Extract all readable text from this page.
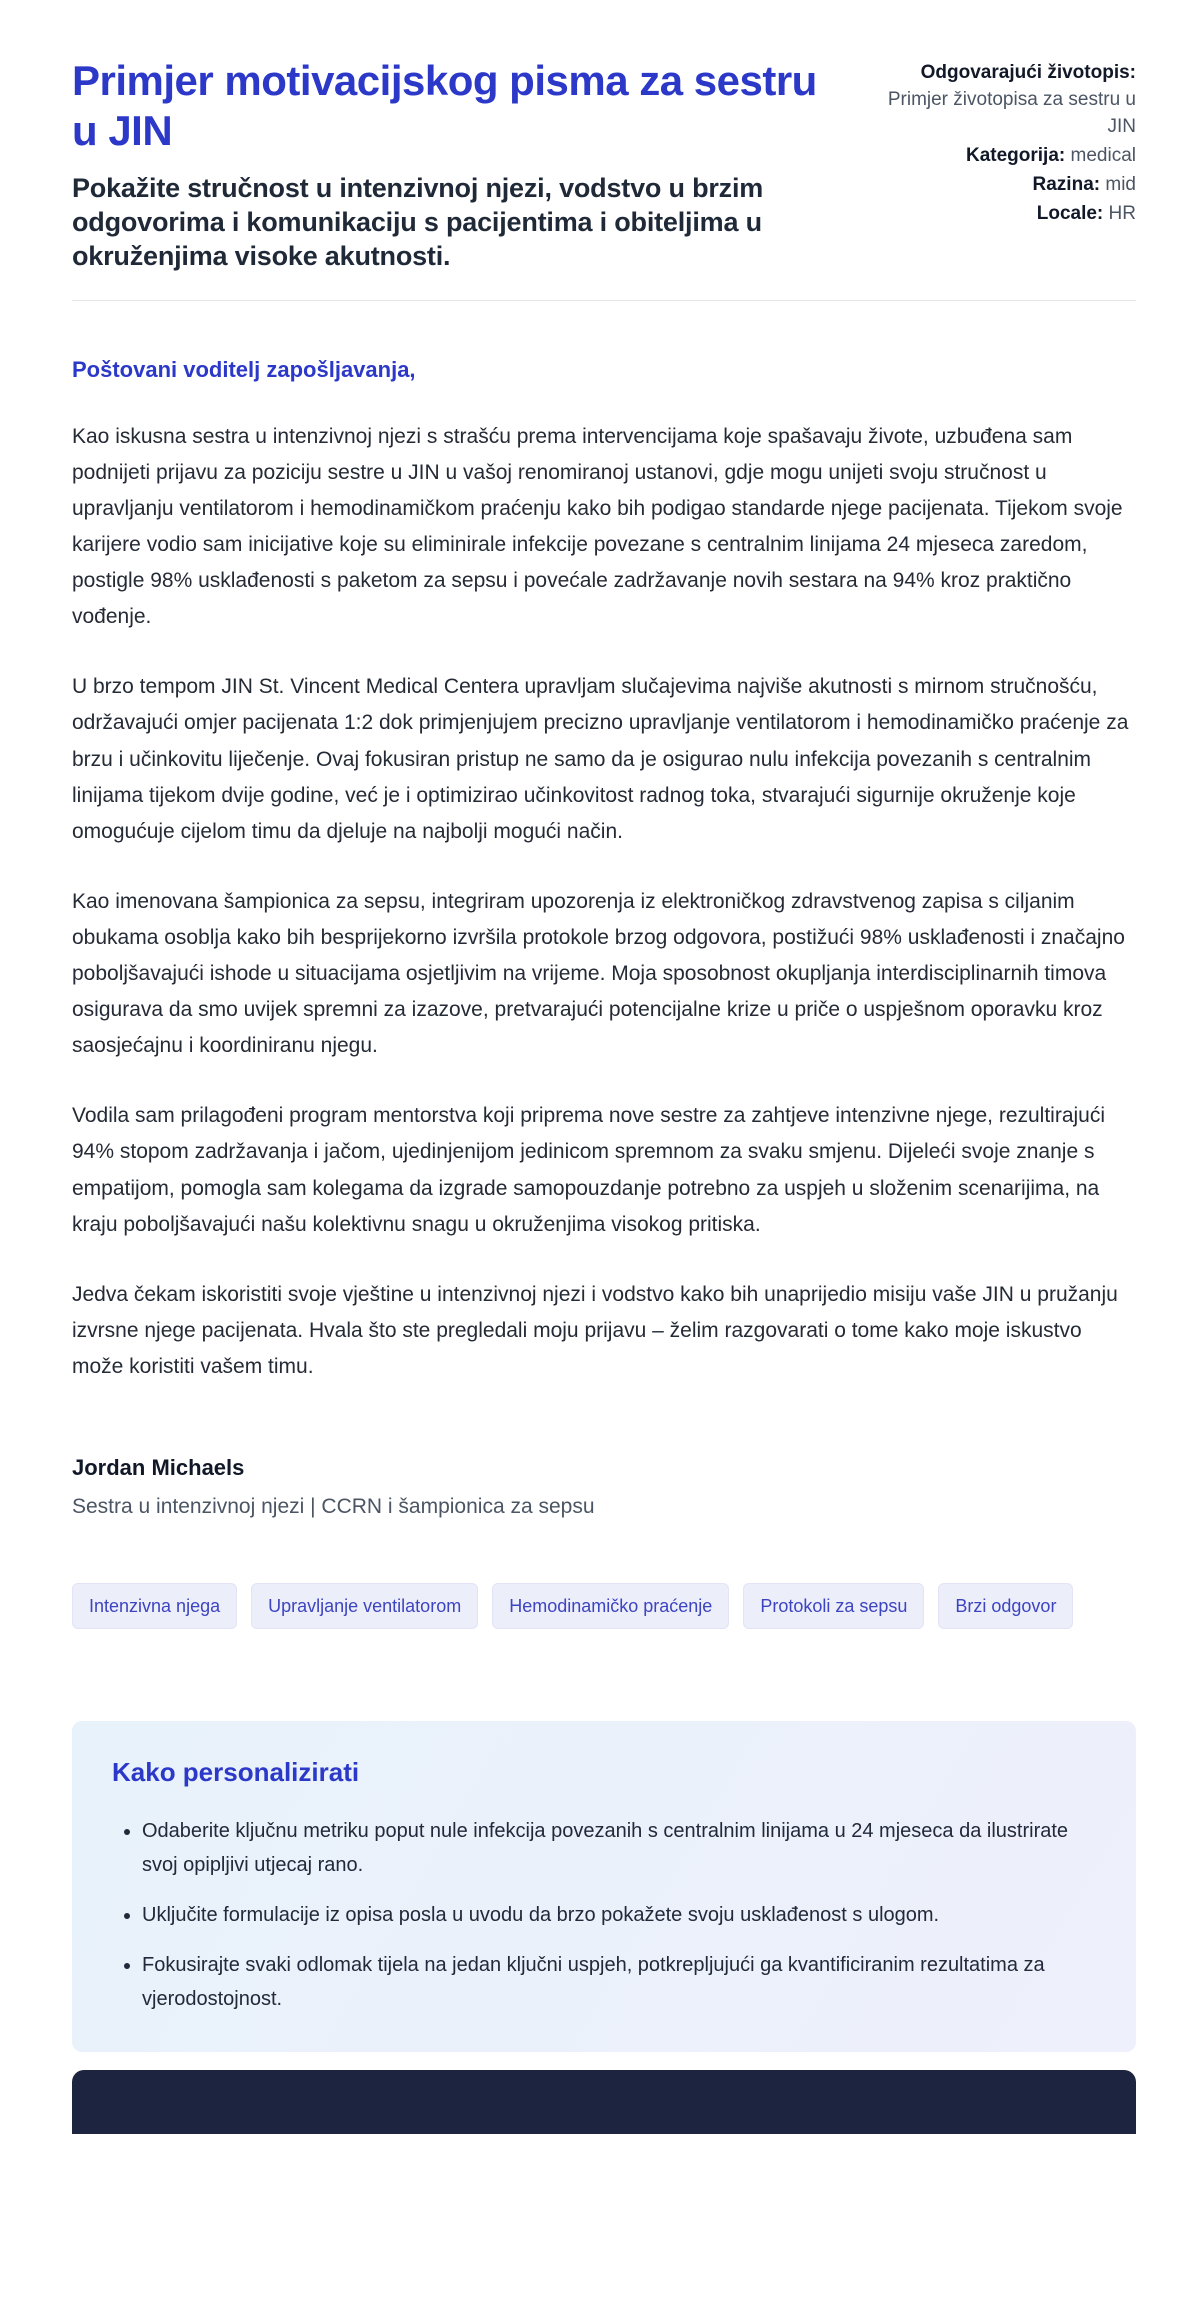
Primjer motivacijskog pisma za sestru u JIN
Pokažite stručnost u intenzivnoj njezi, vodstvo u brzim odgovorima i komunikaciju s pacijentima i obiteljima u okruženjima visoke akutnosti.
Odgovarajući životopis: Primjer životopisa za sestru u JIN
Kategorija: medical
Razina: mid
Locale: HR
Poštovani voditelj zapošljavanja,

Kao iskusna sestra u intenzivnoj njezi s strašću prema intervencijama koje spašavaju živote, uzbuđena sam podnijeti prijavu za poziciju sestre u JIN u vašoj renomiranoj ustanovi, gdje mogu unijeti svoju stručnost u upravljanju ventilatorom i hemodinamičkom praćenju kako bih podigao standarde njege pacijenata. Tijekom svoje karijere vodio sam inicijative koje su eliminirale infekcije povezane s centralnim linijama 24 mjeseca zaredom, postigle 98% usklađenosti s paketom za sepsu i povećale zadržavanje novih sestara na 94% kroz praktično vođenje.

U brzo tempom JIN St. Vincent Medical Centera upravljam slučajevima najviše akutnosti s mirnom stručnošću, održavajući omjer pacijenata 1:2 dok primjenjujem precizno upravljanje ventilatorom i hemodinamičko praćenje za brzu i učinkovitu liječenje. Ovaj fokusiran pristup ne samo da je osigurao nulu infekcija povezanih s centralnim linijama tijekom dvije godine, već je i optimizirao učinkovitost radnog toka, stvarajući sigurnije okruženje koje omogućuje cijelom timu da djeluje na najbolji mogući način.

Kao imenovana šampionica za sepsu, integriram upozorenja iz elektroničkog zdravstvenog zapisa s ciljanim obukama osoblja kako bih besprijekorno izvršila protokole brzog odgovora, postižući 98% usklađenosti i značajno poboljšavajući ishode u situacijama osjetljivim na vrijeme. Moja sposobnost okupljanja interdisciplinarnih timova osigurava da smo uvijek spremni za izazove, pretvarajući potencijalne krize u priče o uspješnom oporavku kroz saosjećajnu i koordiniranu njegu.

Vodila sam prilagođeni program mentorstva koji priprema nove sestre za zahtjeve intenzivne njege, rezultirajući 94% stopom zadržavanja i jačom, ujedinjenijom jedinicom spremnom za svaku smjenu. Dijeleći svoje znanje s empatijom, pomogla sam kolegama da izgrade samopouzdanje potrebno za uspjeh u složenim scenarijima, na kraju poboljšavajući našu kolektivnu snagu u okruženjima visokog pritiska.

Jedva čekam iskoristiti svoje vještine u intenzivnoj njezi i vodstvo kako bih unaprijedio misiju vaše JIN u pružanju izvrsne njege pacijenata. Hvala što ste pregledali moju prijavu – želim razgovarati o tome kako moje iskustvo može koristiti vašem timu.

Jordan Michaels
Sestra u intenzivnoj njezi | CCRN i šampionica za sepsu
Intenzivna njega	Upravljanje ventilatorom	Hemodinamičko praćenje	Protokoli za sepsu	Brzi odgovor
Kako personalizirati
• Odaberite ključnu metriku poput nule infekcija povezanih s centralnim linijama u 24 mjeseca da ilustrirate svoj opipljivi utjecaj rano.
• Uključite formulacije iz opisa posla u uvodu da brzo pokažete svoju usklađenost s ulogom.
• Fokusirajte svaki odlomak tijela na jedan ključni uspjeh, potkrepljujući ga kvantificiranim rezultatima za vjerodostojnost.
